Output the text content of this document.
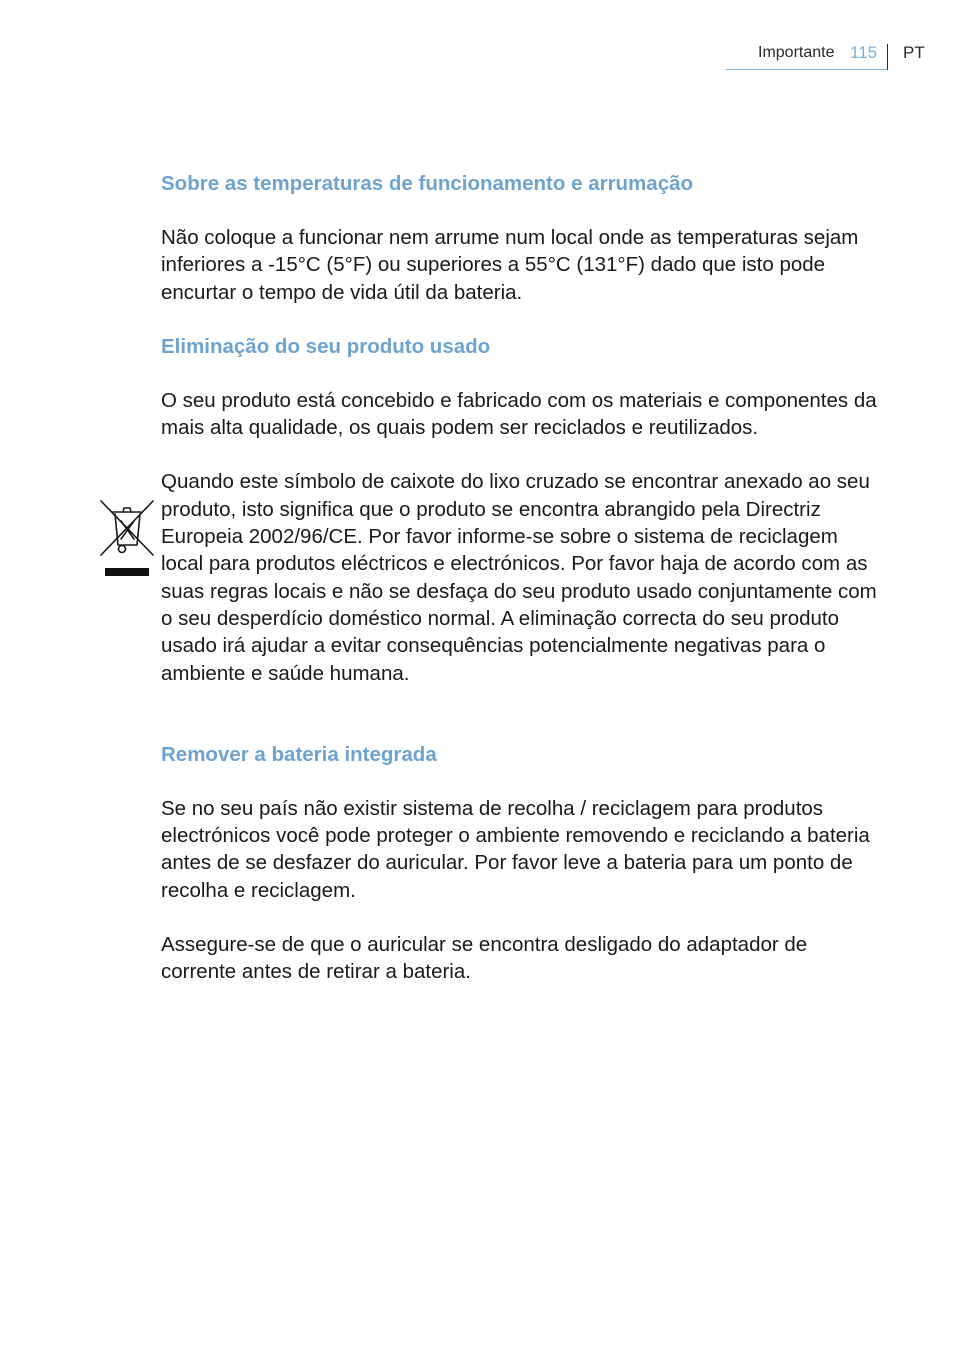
Importante 115 PT
Sobre as temperaturas de funcionamento e arrumação

Não coloque a funcionar nem arrume num local onde as temperaturas sejam inferiores a -15°C (5°F) ou superiores a 55°C (131°F) dado que isto pode encurtar o tempo de vida útil da bateria.

Eliminação do seu produto usado

O seu produto está concebido e fabricado com os materiais e componentes da mais alta qualidade, os quais podem ser reciclados e reutilizados.

Quando este símbolo de caixote do lixo cruzado se encontrar anexado ao seu produto, isto significa que o produto se encontra abrangido pela Directriz Europeia 2002/96/CE. Por favor informe-se sobre o sistema de reciclagem local para produtos eléctricos e electrónicos. Por favor haja de acordo com as suas regras locais e não se desfaça do seu produto usado conjuntamente com o seu desperdício doméstico normal. A eliminação correcta do seu produto usado irá ajudar a evitar consequências potencialmente negativas para o ambiente e saúde humana.

Remover a bateria integrada

Se no seu país não existir sistema de recolha / reciclagem para produtos electrónicos você pode proteger o ambiente removendo e reciclando a bateria antes de se desfazer do auricular. Por favor leve a bateria para um ponto de recolha e reciclagem.

Assegure-se de que o auricular se encontra desligado do adaptador de corrente antes de retirar a bateria.
